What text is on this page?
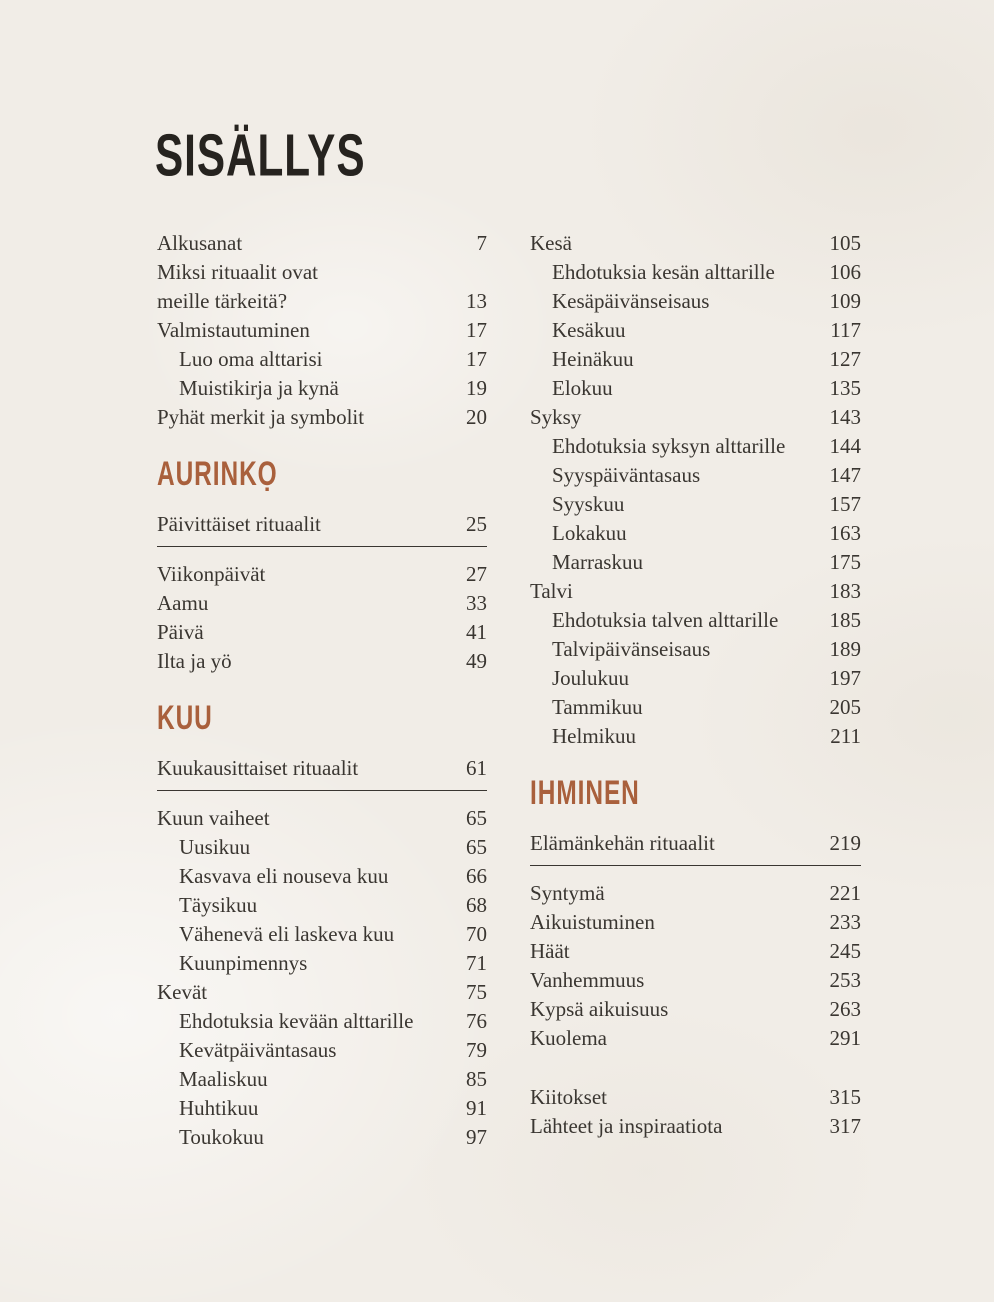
SISÄLLYS
Alkusanat	7
Miksi rituaalit ovat
meille tärkeitä?	13
Valmistautuminen	17
Luo oma alttarisi	17
Muistikirja ja kynä	19
Pyhät merkit ja symbolit	20
AURINKỌ
Päivittäiset rituaalit	25
Viikonpäivät	27
Aamu	33
Päivä	41
Ilta ja yö	49
KUU
Kuukausittaiset rituaalit	61
Kuun vaiheet	65
Uusikuu	65
Kasvava eli nouseva kuu	66
Täysikuu	68
Vähenevä eli laskeva kuu	70
Kuunpimennys	71
Kevät	75
Ehdotuksia kevään alttarille	76
Kevätpäiväntasaus	79
Maaliskuu	85
Huhtikuu	91
Toukokuu	97
Kesä	105
Ehdotuksia kesän alttarille	106
Kesäpäivänseisaus	109
Kesäkuu	117
Heinäkuu	127
Elokuu	135
Syksy	143
Ehdotuksia syksyn alttarille	144
Syyspäiväntasaus	147
Syyskuu	157
Lokakuu	163
Marraskuu	175
Talvi	183
Ehdotuksia talven alttarille	185
Talvipäivänseisaus	189
Joulukuu	197
Tammikuu	205
Helmikuu	211
IHMINEN
Elämänkehän rituaalit	219
Syntymä	221
Aikuistuminen	233
Häät	245
Vanhemmuus	253
Kypsä aikuisuus	263
Kuolema	291
Kiitokset	315
Lähteet ja inspiraatiota	317
